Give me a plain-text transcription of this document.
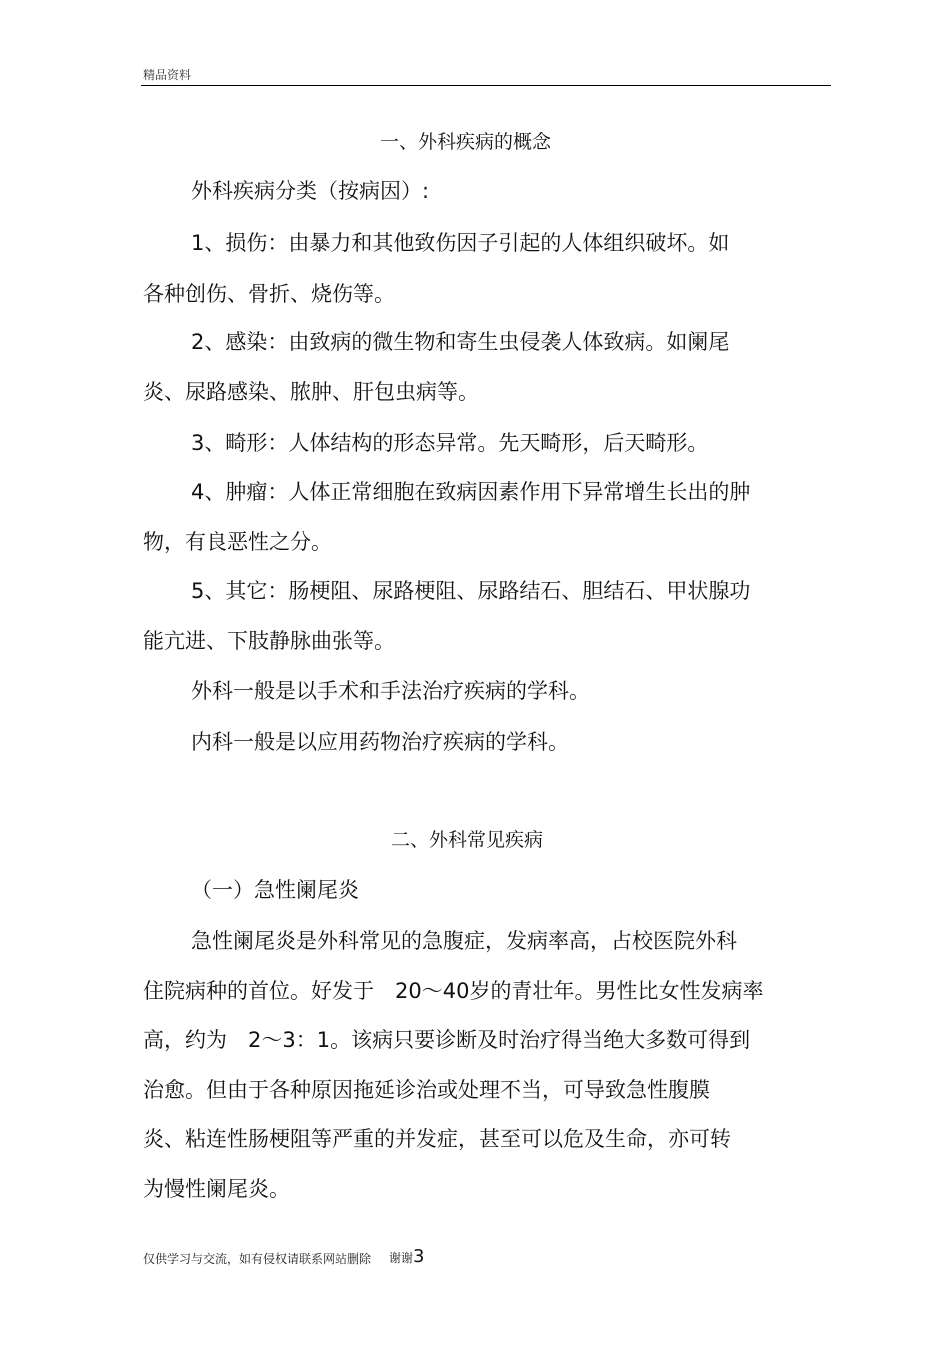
精品资料
一、外科疾病的概念
外科疾病分类（按病因）:
1、损伤：由暴力和其他致伤因子引起的人体组织破坏。如
各种创伤、骨折、烧伤等。
2、感染：由致病的微生物和寄生虫侵袭人体致病。如阑尾
炎、尿路感染、脓肿、肝包虫病等。
3、畸形：人体结构的形态异常。先天畸形，后天畸形。
4、肿瘤：人体正常细胞在致病因素作用下异常增生长出的肿
物，有良恶性之分。
5、其它：肠梗阻、尿路梗阻、尿路结石、胆结石、甲状腺功
能亢进、下肢静脉曲张等。
外科一般是以手术和手法治疗疾病的学科。
内科一般是以应用药物治疗疾病的学科。
二、外科常见疾病
（一）急性阑尾炎
急性阑尾炎是外科常见的急腹症，发病率高，占校医院外科
住院病种的首位。好发于　20～40岁的青壮年。男性比女性发病率
高，约为　2～3：1。该病只要诊断及时治疗得当绝大多数可得到
治愈。但由于各种原因拖延诊治或处理不当，可导致急性腹膜
炎、粘连性肠梗阻等严重的并发症，甚至可以危及生命，亦可转
为慢性阑尾炎。
仅供学习与交流，如有侵权请联系网站删除 谢谢 3
